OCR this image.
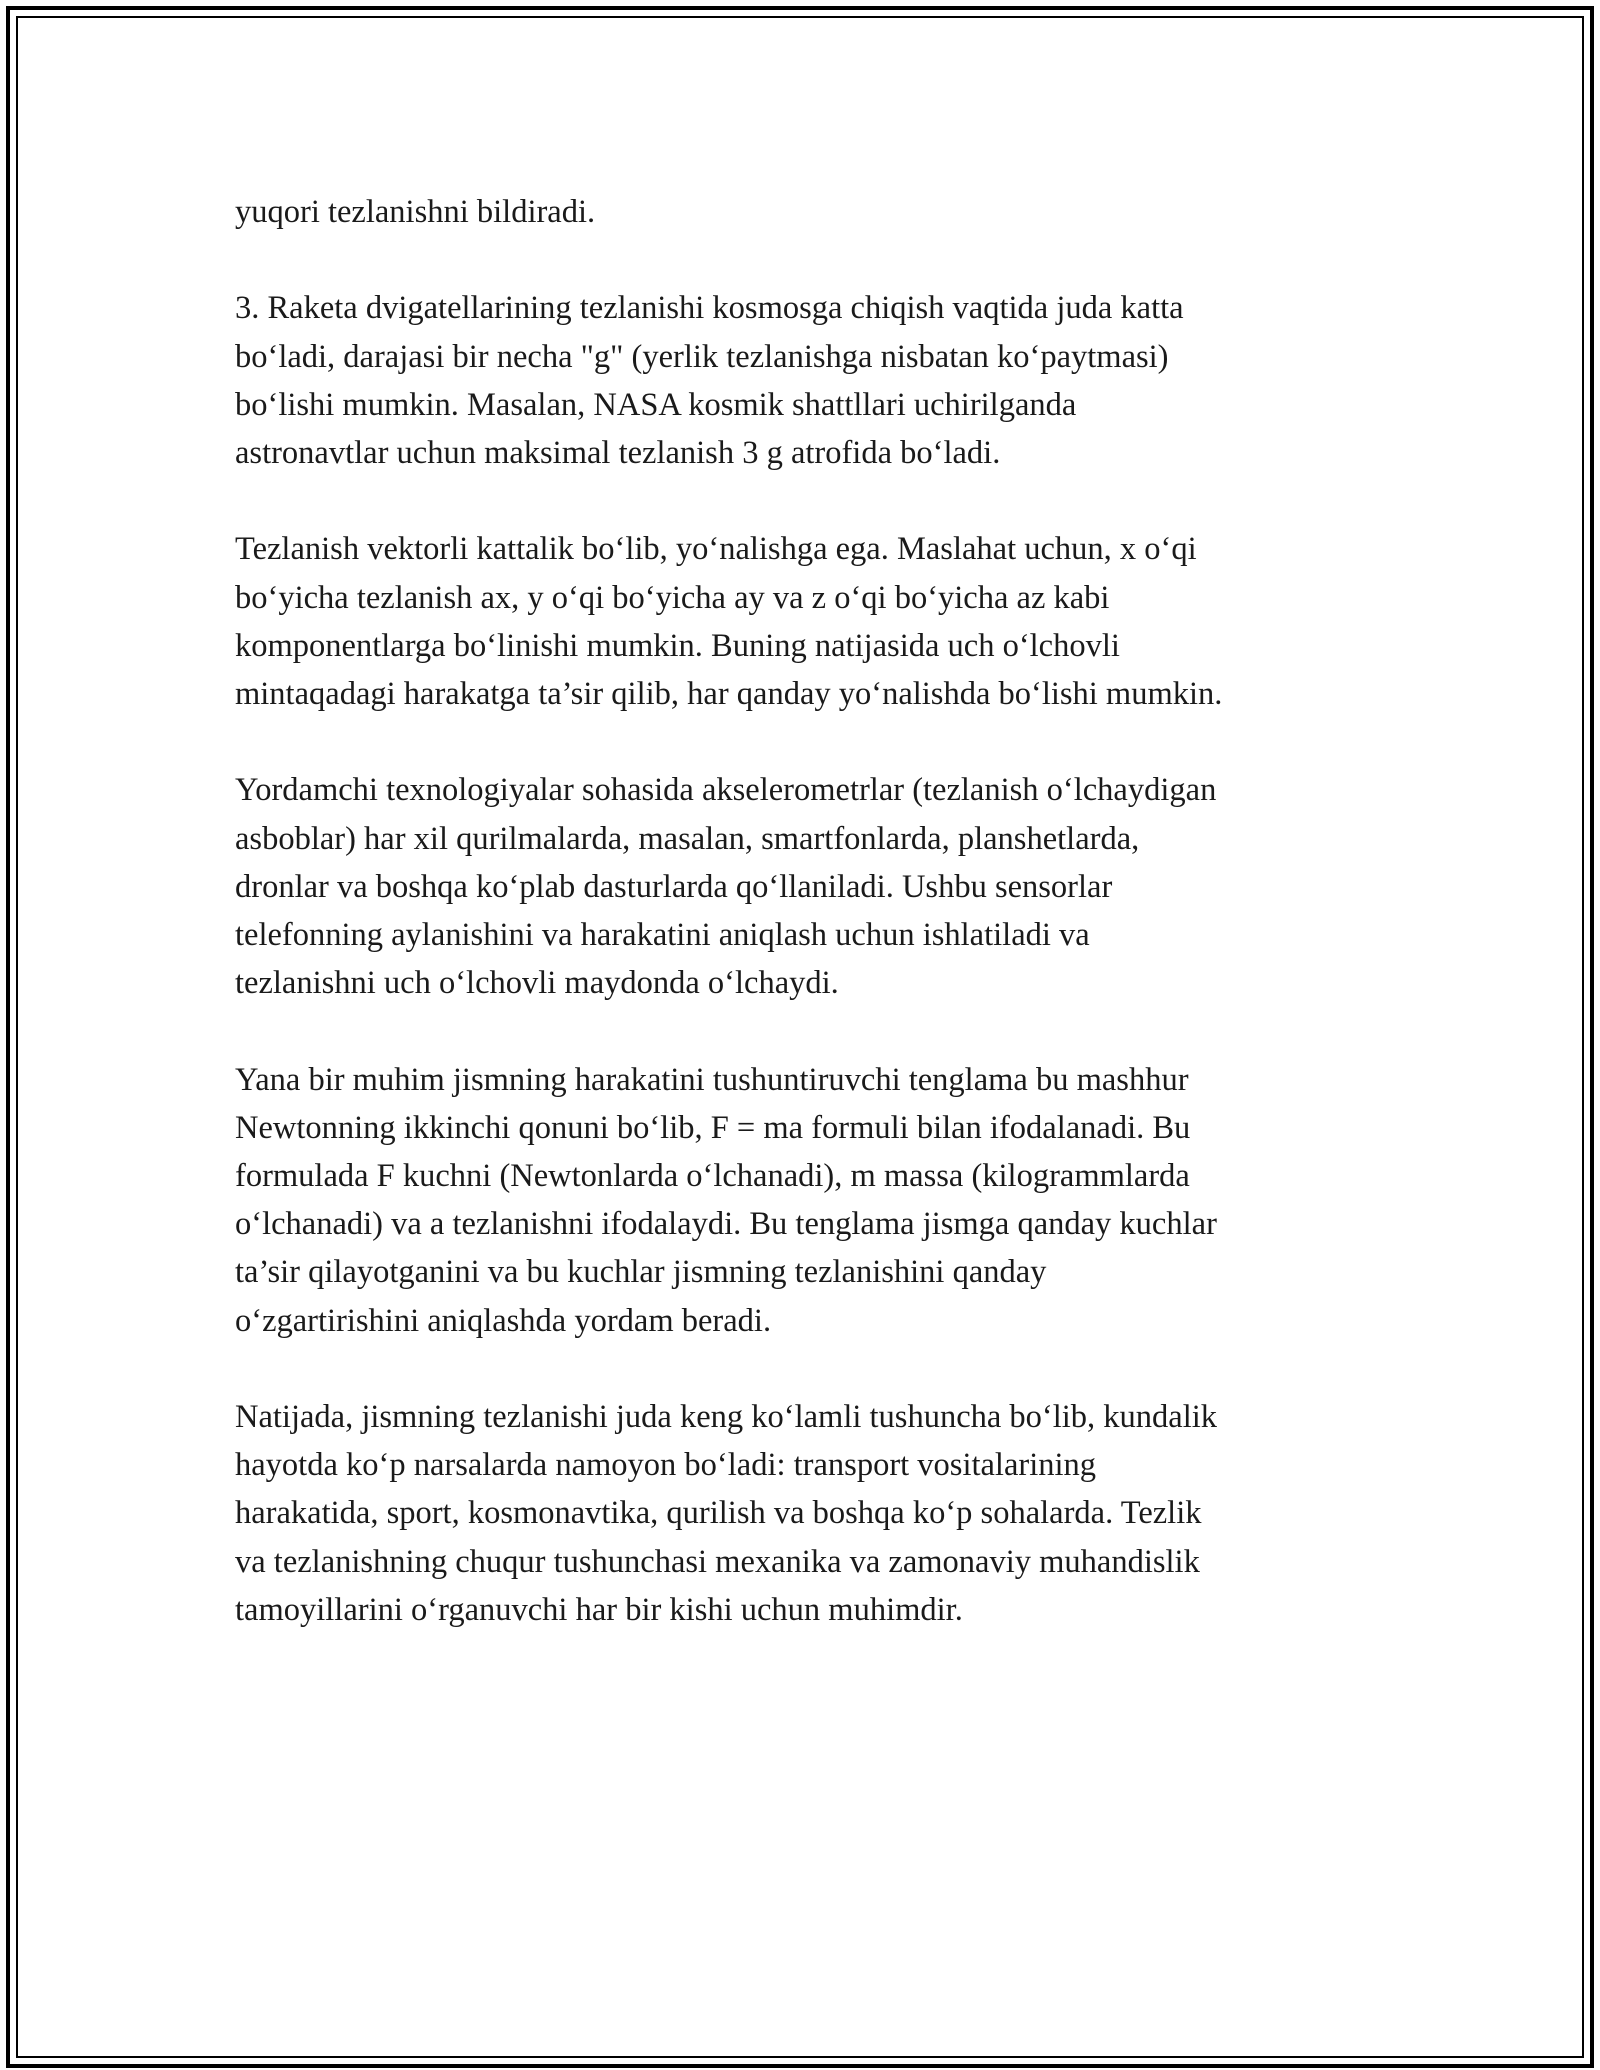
yuqori tezlanishni bildiradi.

3. Raketa dvigatellarining tezlanishi kosmosga chiqish vaqtida juda katta
bo‘ladi, darajasi bir necha "g" (yerlik tezlanishga nisbatan ko‘paytmasi)
bo‘lishi mumkin. Masalan, NASA kosmik shattllari uchirilganda
astronavtlar uchun maksimal tezlanish 3 g atrofida bo‘ladi.

Tezlanish vektorli kattalik bo‘lib, yo‘nalishga ega. Maslahat uchun, x o‘qi
bo‘yicha tezlanish ax, y o‘qi bo‘yicha ay va z o‘qi bo‘yicha az kabi
komponentlarga bo‘linishi mumkin. Buning natijasida uch o‘lchovli
mintaqadagi harakatga ta’sir qilib, har qanday yo‘nalishda bo‘lishi mumkin.

Yordamchi texnologiyalar sohasida akselerometrlar (tezlanish o‘lchaydigan
asboblar) har xil qurilmalarda, masalan, smartfonlarda, planshetlarda,
dronlar va boshqa ko‘plab dasturlarda qo‘llaniladi. Ushbu sensorlar
telefonning aylanishini va harakatini aniqlash uchun ishlatiladi va
tezlanishni uch o‘lchovli maydonda o‘lchaydi.

Yana bir muhim jismning harakatini tushuntiruvchi tenglama bu mashhur
Newtonning ikkinchi qonuni bo‘lib, F = ma formuli bilan ifodalanadi. Bu
formulada F kuchni (Newtonlarda o‘lchanadi), m massa (kilogrammlarda
o‘lchanadi) va a tezlanishni ifodalaydi. Bu tenglama jismga qanday kuchlar
ta’sir qilayotganini va bu kuchlar jismning tezlanishini qanday
o‘zgartirishini aniqlashda yordam beradi.

Natijada, jismning tezlanishi juda keng ko‘lamli tushuncha bo‘lib, kundalik
hayotda ko‘p narsalarda namoyon bo‘ladi: transport vositalarining
harakatida, sport, kosmonavtika, qurilish va boshqa ko‘p sohalarda. Tezlik
va tezlanishning chuqur tushunchasi mexanika va zamonaviy muhandislik
tamoyillarini o‘rganuvchi har bir kishi uchun muhimdir.
